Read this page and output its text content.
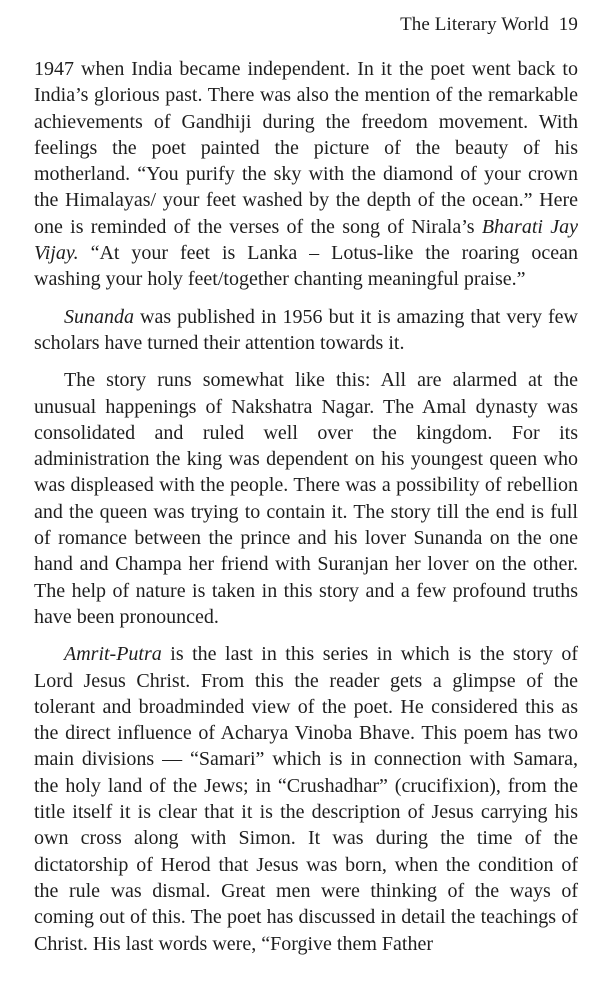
The Literary World 19

1947 when India became independent. In it the poet went back to India’s glorious past. There was also the mention of the remarkable achievements of Gandhiji during the freedom movement. With feelings the poet painted the picture of the beauty of his motherland. “You purify the sky with the diamond of your crown the Himalayas/ your feet washed by the depth of the ocean.” Here one is reminded of the verses of the song of Nirala’s Bharati Jay Vijay. “At your feet is Lanka – Lotus-like the roaring ocean washing your holy feet/together chanting meaningful praise.”

Sunanda was published in 1956 but it is amazing that very few scholars have turned their attention towards it.

The story runs somewhat like this: All are alarmed at the unusual happenings of Nakshatra Nagar. The Amal dynasty was consolidated and ruled well over the kingdom. For its administration the king was dependent on his youngest queen who was displeased with the people. There was a possibility of rebellion and the queen was trying to contain it. The story till the end is full of romance between the prince and his lover Sunanda on the one hand and Champa her friend with Suranjan her lover on the other. The help of nature is taken in this story and a few profound truths have been pronounced.

Amrit-Putra is the last in this series in which is the story of Lord Jesus Christ. From this the reader gets a glimpse of the tolerant and broadminded view of the poet. He considered this as the direct influence of Acharya Vinoba Bhave. This poem has two main divisions — “Samari” which is in connection with Samara, the holy land of the Jews; in “Crushadhar” (crucifixion), from the title itself it is clear that it is the description of Jesus carrying his own cross along with Simon. It was during the time of the dictatorship of Herod that Jesus was born, when the condition of the rule was dismal. Great men were thinking of the ways of coming out of this. The poet has discussed in detail the teachings of Christ. His last words were, “Forgive them Father
